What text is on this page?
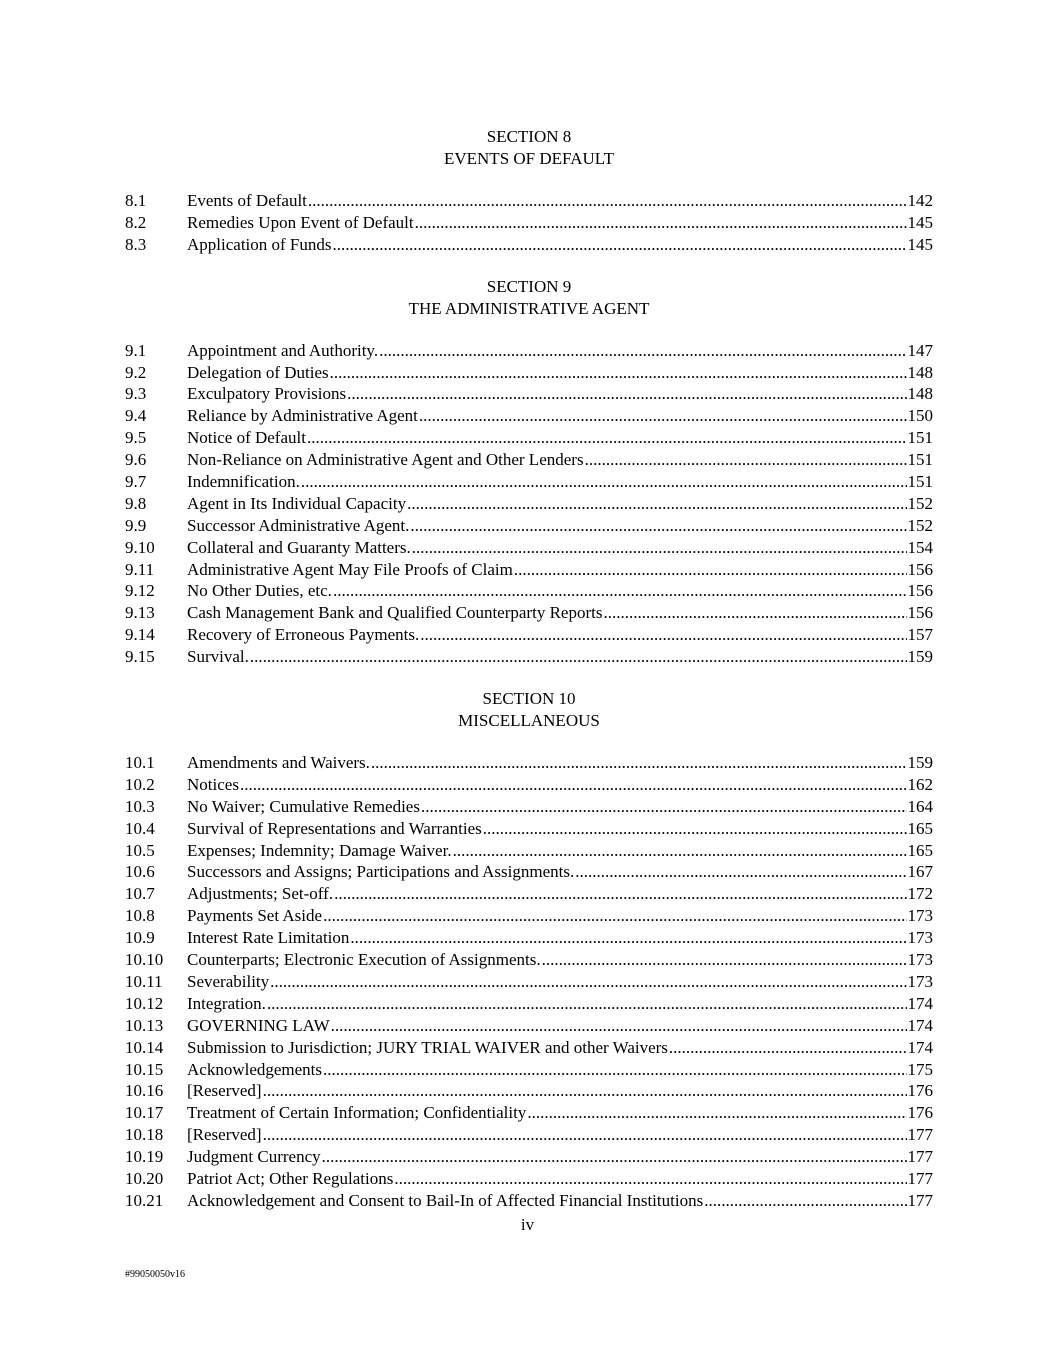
SECTION 8
EVENTS OF DEFAULT
8.1	Events of Default .....	142
8.2	Remedies Upon Event of Default .....	145
8.3	Application of Funds .....	145
SECTION 9
THE ADMINISTRATIVE AGENT
9.1	Appointment and Authority. .....	147
9.2	Delegation of Duties .....	148
9.3	Exculpatory Provisions .....	148
9.4	Reliance by Administrative Agent .....	150
9.5	Notice of Default .....	151
9.6	Non-Reliance on Administrative Agent and Other Lenders .....	151
9.7	Indemnification. .....	151
9.8	Agent in Its Individual Capacity .....	152
9.9	Successor Administrative Agent. .....	152
9.10	Collateral and Guaranty Matters. .....	154
9.11	Administrative Agent May File Proofs of Claim .....	156
9.12	No Other Duties, etc. .....	156
9.13	Cash Management Bank and Qualified Counterparty Reports .....	156
9.14	Recovery of Erroneous Payments. .....	157
9.15	Survival. .....	159
SECTION 10
MISCELLANEOUS
10.1	Amendments and Waivers. .....	159
10.2	Notices .....	162
10.3	No Waiver; Cumulative Remedies .....	164
10.4	Survival of Representations and Warranties .....	165
10.5	Expenses; Indemnity; Damage Waiver. .....	165
10.6	Successors and Assigns; Participations and Assignments. .....	167
10.7	Adjustments; Set-off. .....	172
10.8	Payments Set Aside .....	173
10.9	Interest Rate Limitation .....	173
10.10	Counterparts; Electronic Execution of Assignments. .....	173
10.11	Severability .....	173
10.12	Integration. .....	174
10.13	GOVERNING LAW .....	174
10.14	Submission to Jurisdiction; JURY TRIAL WAIVER and other Waivers .....	174
10.15	Acknowledgements .....	175
10.16	[Reserved] .....	176
10.17	Treatment of Certain Information; Confidentiality .....	176
10.18	[Reserved] .....	177
10.19	Judgment Currency .....	177
10.20	Patriot Act; Other Regulations .....	177
10.21	Acknowledgement and Consent to Bail-In of Affected Financial Institutions .....	177
iv
#99050050v16
